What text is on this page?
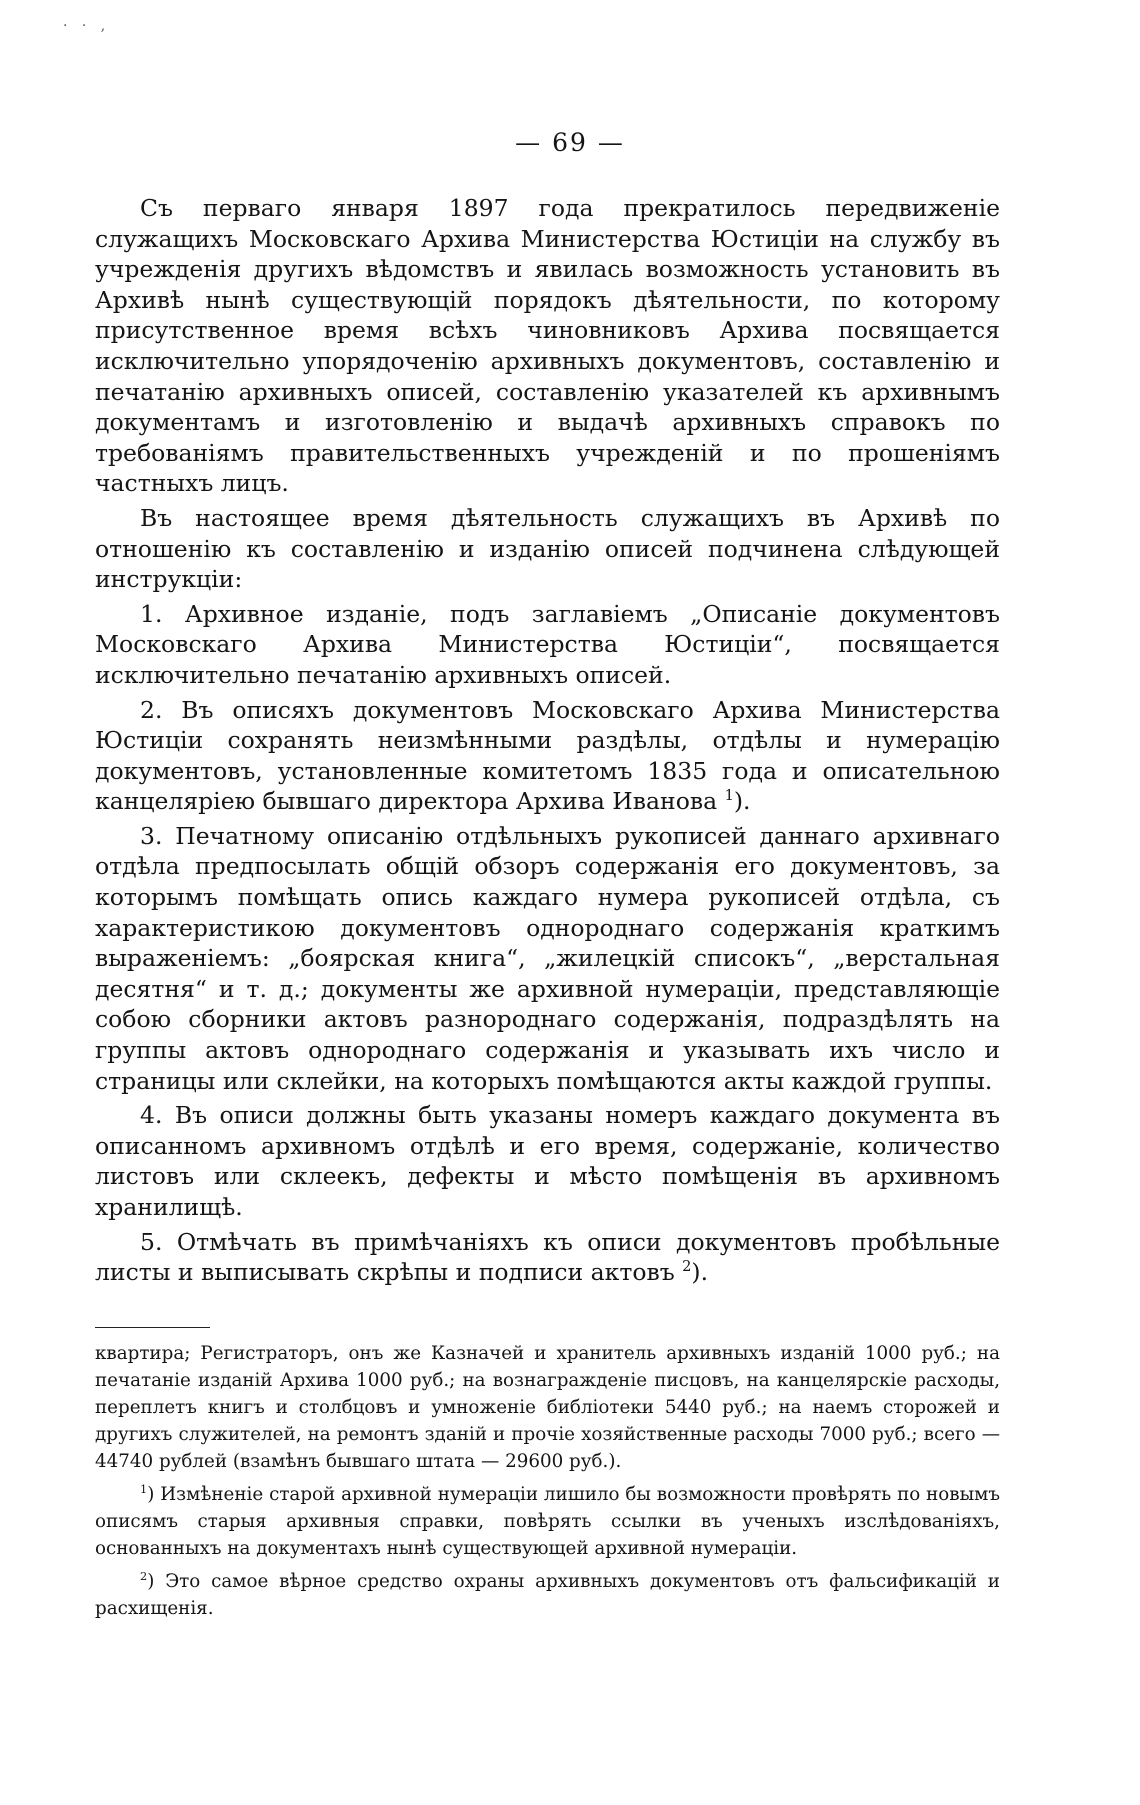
· · ,
— 69 —

Съ перваго января 1897 года прекратилось передвиженіе служащихъ Московскаго Архива Министерства Юстиціи на службу въ учрежденія другихъ вѣдомствъ и явилась возможность установить въ Архивѣ нынѣ существующій порядокъ дѣятельности, по которому присутственное время всѣхъ чиновниковъ Архива посвящается исключительно упорядоченію архивныхъ документовъ, составленію и печатанію архивныхъ описей, составленію указателей къ архивнымъ документамъ и изготовленію и выдачѣ архивныхъ справокъ по требованіямъ правительственныхъ учрежденій и по прошеніямъ частныхъ лицъ.

Въ настоящее время дѣятельность служащихъ въ Архивѣ по отношенію къ составленію и изданію описей подчинена слѣдующей инструкціи:

1. Архивное изданіе, подъ заглавіемъ „Описаніе документовъ Московскаго Архива Министерства Юстиціи“, посвящается исключительно печатанію архивныхъ описей.

2. Въ описяхъ документовъ Московскаго Архива Министерства Юстиціи сохранять неизмѣнными раздѣлы, отдѣлы и нумерацію документовъ, установленные комитетомъ 1835 года и описательною канцеляріею бывшаго директора Архива Иванова $^1$).

3. Печатному описанію отдѣльныхъ рукописей даннаго архивнаго отдѣла предпосылать общій обзоръ содержанія его документовъ, за которымъ помѣщать опись каждаго нумера рукописей отдѣла, съ характеристикою документовъ однороднаго содержанія краткимъ выраженіемъ: „боярская книга“, „жилецкій списокъ“, „верстальная десятня“ и т. д.; документы же архивной нумераціи, представляющіе собою сборники актовъ разнороднаго содержанія, подраздѣлять на группы актовъ однороднаго содержанія и указывать ихъ число и страницы или склейки, на которыхъ помѣщаются акты каждой группы.

4. Въ описи должны быть указаны номеръ каждаго документа въ описанномъ архивномъ отдѣлѣ и его время, содержаніе, количество листовъ или склеекъ, дефекты и мѣсто помѣщенія въ архивномъ хранилищѣ.

5. Отмѣчать въ примѣчаніяхъ къ описи документовъ пробѣльные листы и выписывать скрѣпы и подписи актовъ $^2$).

квартира; Регистраторъ, онъ же Казначей и хранитель архивныхъ изданій 1000 руб.; на печатаніе изданій Архива 1000 руб.; на вознагражденіе писцовъ, на канцелярскіе расходы, переплетъ книгъ и столбцовъ и умноженіе библіотеки 5440 руб.; на наемъ сторожей и другихъ служителей, на ремонтъ зданій и прочіе хозяйственные расходы 7000 руб.; всего — 44740 рублей (взамѣнъ бывшаго штата — 29600 руб.).

$^1$) Измѣненіе старой архивной нумераціи лишило бы возможности провѣрять по новымъ описямъ старыя архивныя справки, повѣрять ссылки въ ученыхъ изслѣдованіяхъ, основанныхъ на документахъ нынѣ существующей архивной нумераціи.

$^2$) Это самое вѣрное средство охраны архивныхъ документовъ отъ фальсификацій и расхищенія.
